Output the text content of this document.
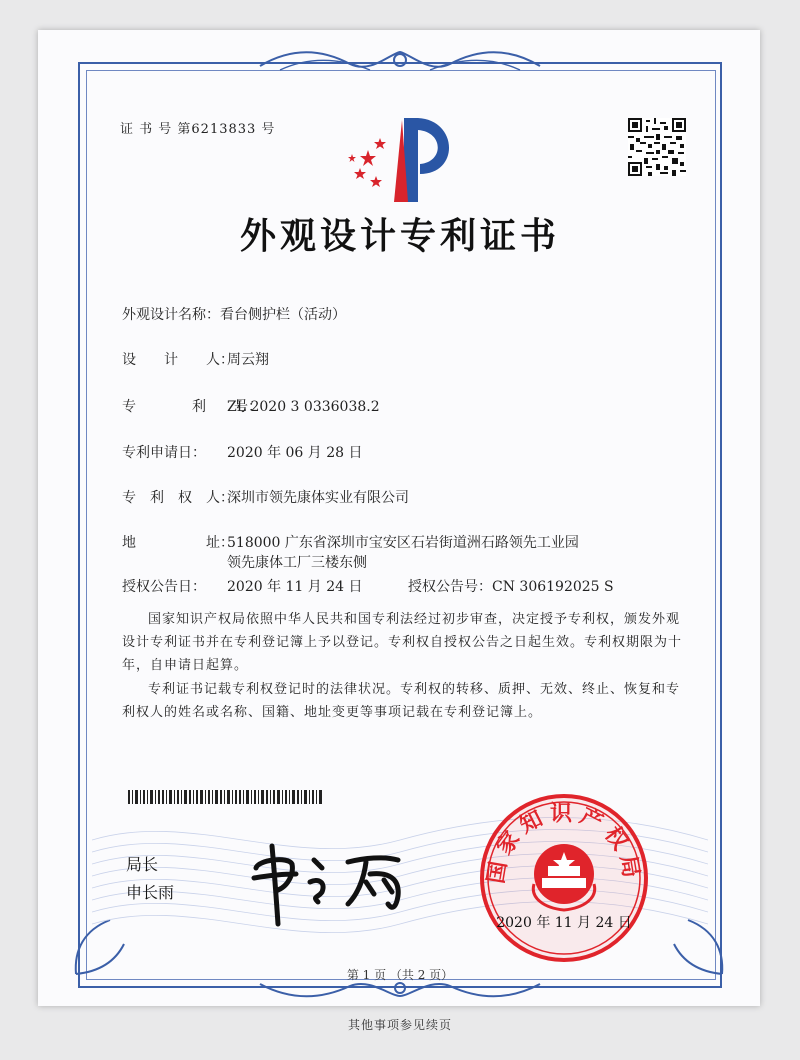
证 书 号 第6213833 号
外观设计专利证书
外观设计名称：看台侧护栏（活动）
设　　计　　人：周云翔
专　　　　利　　号：ZL 2020 3 0336038.2
专利申请日： 2020 年 06 月 28 日
专　利　权　人：深圳市领先康体实业有限公司
地　　　　　址：518000 广东省深圳市宝安区石岩街道洲石路领先工业园
领先康体工厂三楼东侧
授权公告日： 2020 年 11 月 24 日	授权公告号：CN 306192025 S
国家知识产权局依照中华人民共和国专利法经过初步审查，决定授予专利权，颁发外观设计专利证书并在专利登记簿上予以登记。专利权自授权公告之日起生效。专利权期限为十年，自申请日起算。
专利证书记载专利权登记时的法律状况。专利权的转移、质押、无效、终止、恢复和专利权人的姓名或名称、国籍、地址变更等事项记载在专利登记簿上。
局长
申长雨
国家知识产权局
2020 年 11 月 24 日
第 1 页 （共 2 页）
其他事项参见续页
